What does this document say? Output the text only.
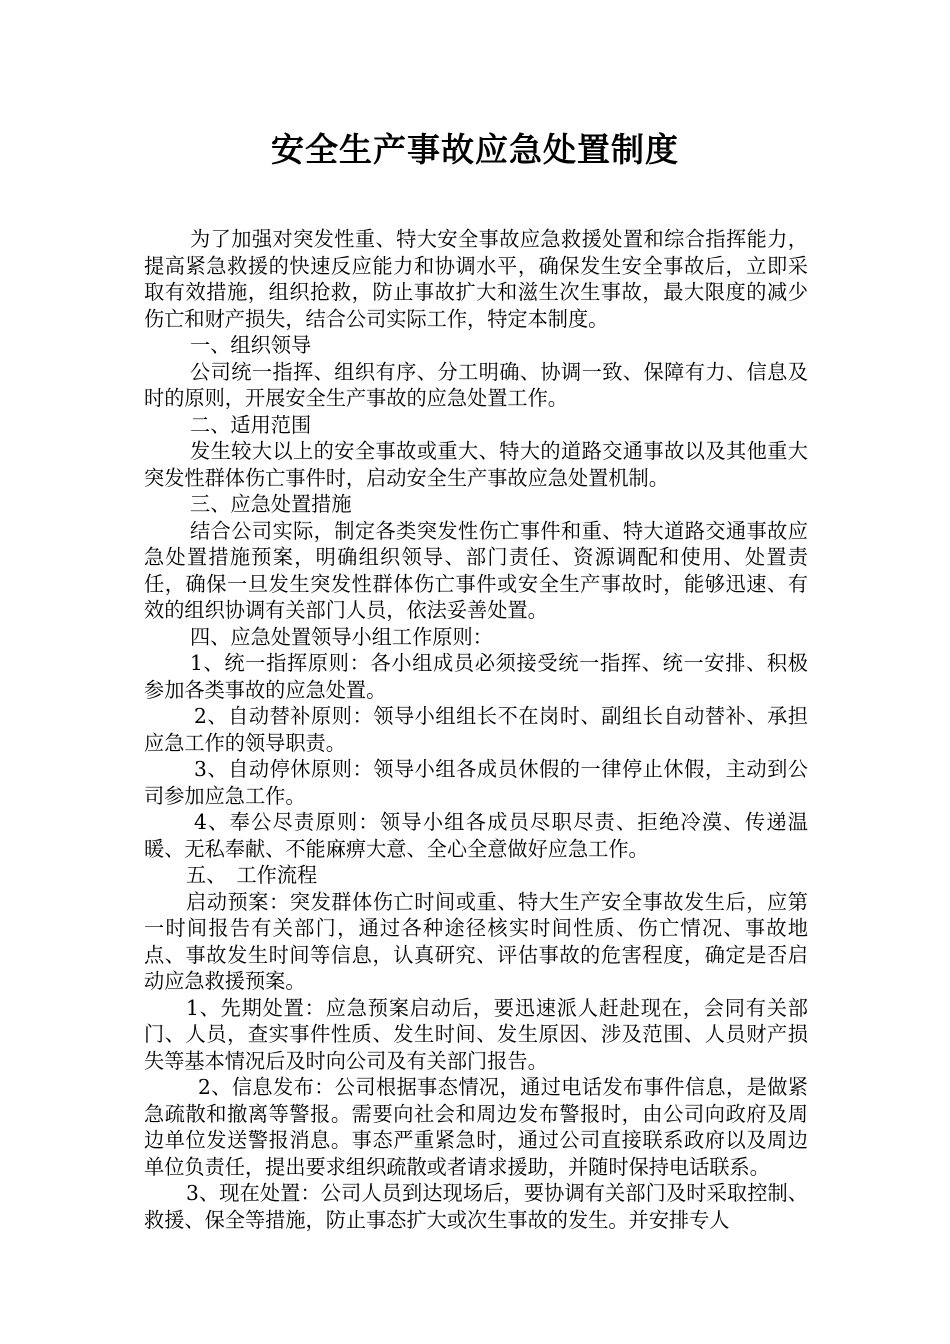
安全生产事故应急处置制度

为了加强对突发性重、特大安全事故应急救援处置和综合指挥能力，提高紧急救援的快速反应能力和协调水平，确保发生安全事故后，立即采取有效措施，组织抢救，防止事故扩大和滋生次生事故，最大限度的减少伤亡和财产损失，结合公司实际工作，特定本制度。

一、组织领导

公司统一指挥、组织有序、分工明确、协调一致、保障有力、信息及时的原则，开展安全生产事故的应急处置工作。

二、适用范围

发生较大以上的安全事故或重大、特大的道路交通事故以及其他重大突发性群体伤亡事件时，启动安全生产事故应急处置机制。

三、应急处置措施

结合公司实际，制定各类突发性伤亡事件和重、特大道路交通事故应急处置措施预案，明确组织领导、部门责任、资源调配和使用、处置责任，确保一旦发生突发性群体伤亡事件或安全生产事故时，能够迅速、有效的组织协调有关部门人员，依法妥善处置。

四、应急处置领导小组工作原则：

1、统一指挥原则：各小组成员必须接受统一指挥、统一安排、积极参加各类事故的应急处置。

2、自动替补原则：领导小组组长不在岗时、副组长自动替补、承担应急工作的领导职责。

3、自动停休原则：领导小组各成员休假的一律停止休假，主动到公司参加应急工作。

4、奉公尽责原则：领导小组各成员尽职尽责、拒绝冷漠、传递温暖、无私奉献、不能麻痹大意、全心全意做好应急工作。

五、　工作流程

启动预案：突发群体伤亡时间或重、特大生产安全事故发生后，应第一时间报告有关部门，通过各种途径核实时间性质、伤亡情况、事故地点、事故发生时间等信息，认真研究、评估事故的危害程度，确定是否启动应急救援预案。

1、先期处置：应急预案启动后，要迅速派人赶赴现在，会同有关部门、人员，查实事件性质、发生时间、发生原因、涉及范围、人员财产损失等基本情况后及时向公司及有关部门报告。

2、信息发布：公司根据事态情况，通过电话发布事件信息，是做紧急疏散和撤离等警报。需要向社会和周边发布警报时，由公司向政府及周边单位发送警报消息。事态严重紧急时，通过公司直接联系政府以及周边单位负责任，提出要求组织疏散或者请求援助，并随时保持电话联系。

3、现在处置：公司人员到达现场后，要协调有关部门及时采取控制、救援、保全等措施，防止事态扩大或次生事故的发生。并安排专人
